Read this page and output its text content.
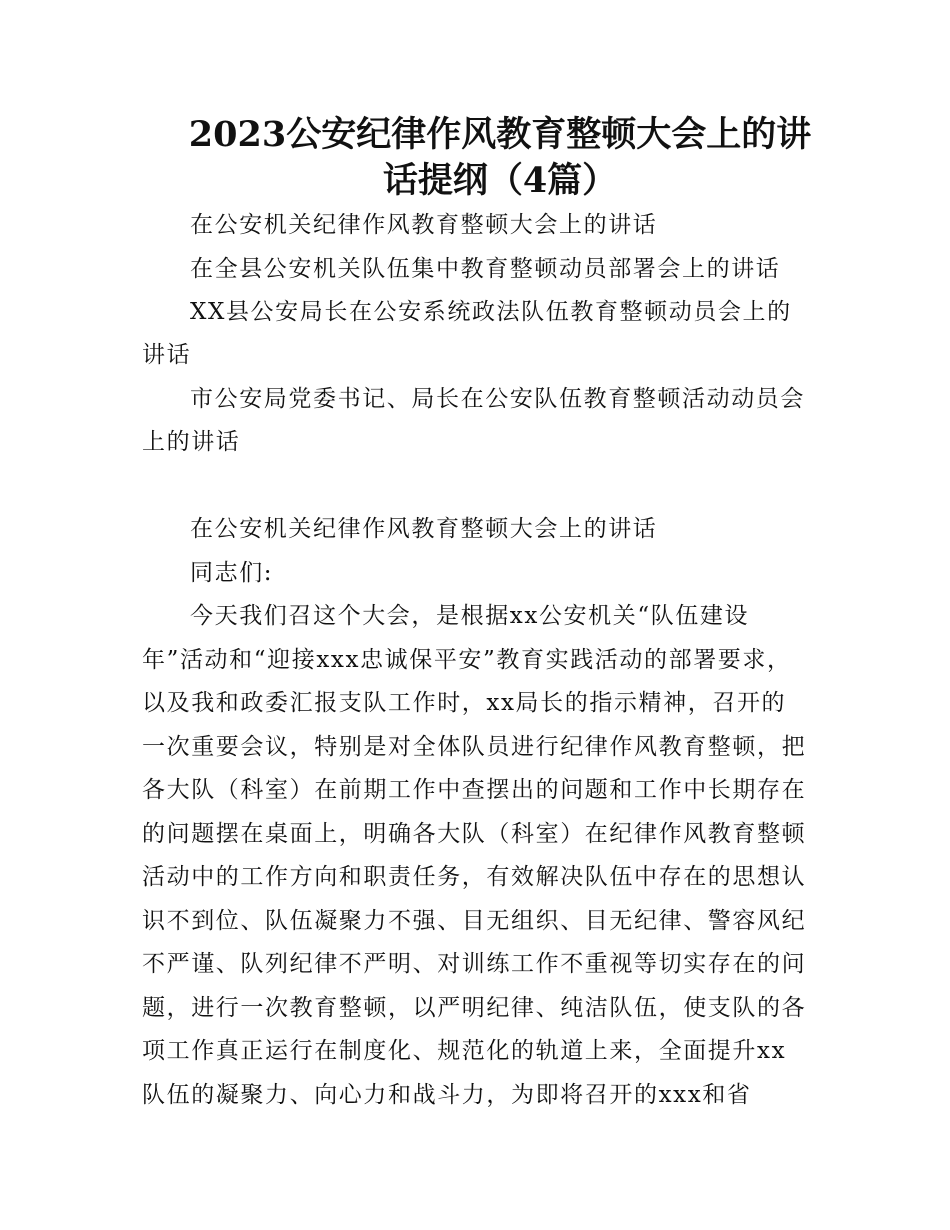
2023公安纪律作风教育整顿大会上的讲
话提纲（4篇）
在公安机关纪律作风教育整顿大会上的讲话
在全县公安机关队伍集中教育整顿动员部署会上的讲话
XX县公安局长在公安系统政法队伍教育整顿动员会上的
讲话
市公安局党委书记、局长在公安队伍教育整顿活动动员会
上的讲话
在公安机关纪律作风教育整顿大会上的讲话
同志们:
今天我们召这个大会，是根据xx公安机关“队伍建设
年”活动和“迎接xxx忠诚保平安”教育实践活动的部署要求，
以及我和政委汇报支队工作时，xx局长的指示精神，召开的
一次重要会议，特别是对全体队员进行纪律作风教育整顿，把
各大队（科室）在前期工作中查摆出的问题和工作中长期存在
的问题摆在桌面上，明确各大队（科室）在纪律作风教育整顿
活动中的工作方向和职责任务，有效解决队伍中存在的思想认
识不到位、队伍凝聚力不强、目无组织、目无纪律、警容风纪
不严谨、队列纪律不严明、对训练工作不重视等切实存在的问
题，进行一次教育整顿，以严明纪律、纯洁队伍，使支队的各
项工作真正运行在制度化、规范化的轨道上来，全面提升xx
队伍的凝聚力、向心力和战斗力，为即将召开的xxx和省
